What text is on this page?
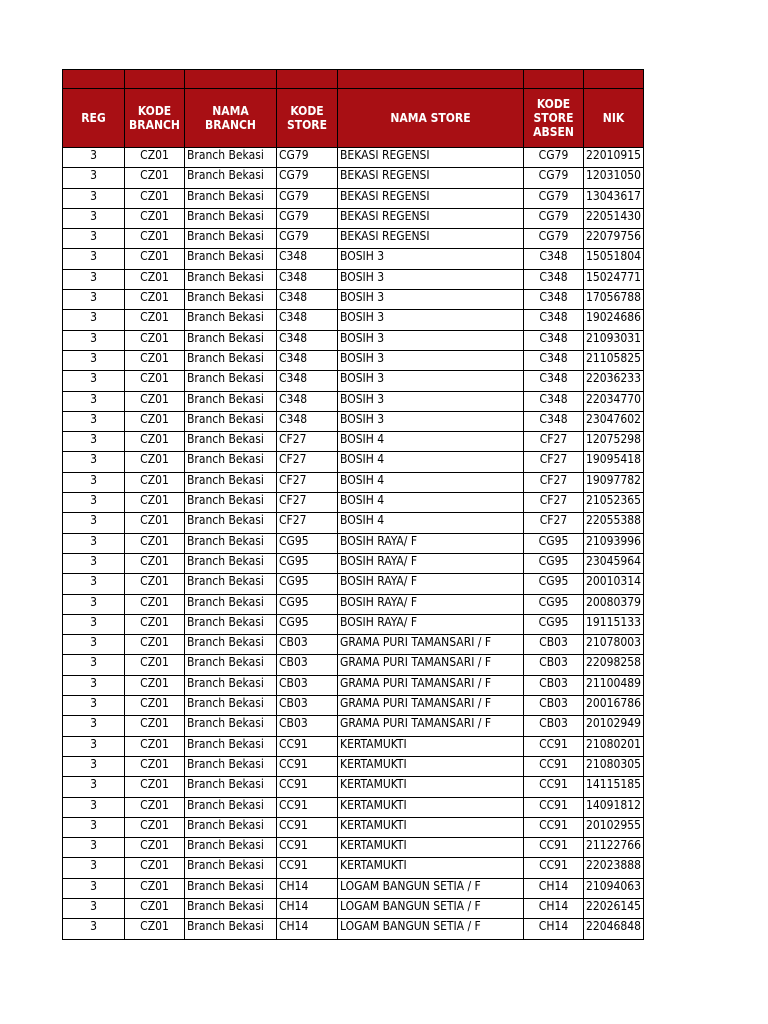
REG	KODE BRANCH	NAMA BRANCH	KODE STORE	NAMA STORE	KODE STORE ABSEN	NIK
3	CZ01	Branch Bekasi	CG79	BEKASI REGENSI	CG79	22010915
3	CZ01	Branch Bekasi	CG79	BEKASI REGENSI	CG79	12031050
3	CZ01	Branch Bekasi	CG79	BEKASI REGENSI	CG79	13043617
3	CZ01	Branch Bekasi	CG79	BEKASI REGENSI	CG79	22051430
3	CZ01	Branch Bekasi	CG79	BEKASI REGENSI	CG79	22079756
3	CZ01	Branch Bekasi	C348	BOSIH 3	C348	15051804
3	CZ01	Branch Bekasi	C348	BOSIH 3	C348	15024771
3	CZ01	Branch Bekasi	C348	BOSIH 3	C348	17056788
3	CZ01	Branch Bekasi	C348	BOSIH 3	C348	19024686
3	CZ01	Branch Bekasi	C348	BOSIH 3	C348	21093031
3	CZ01	Branch Bekasi	C348	BOSIH 3	C348	21105825
3	CZ01	Branch Bekasi	C348	BOSIH 3	C348	22036233
3	CZ01	Branch Bekasi	C348	BOSIH 3	C348	22034770
3	CZ01	Branch Bekasi	C348	BOSIH 3	C348	23047602
3	CZ01	Branch Bekasi	CF27	BOSIH 4	CF27	12075298
3	CZ01	Branch Bekasi	CF27	BOSIH 4	CF27	19095418
3	CZ01	Branch Bekasi	CF27	BOSIH 4	CF27	19097782
3	CZ01	Branch Bekasi	CF27	BOSIH 4	CF27	21052365
3	CZ01	Branch Bekasi	CF27	BOSIH 4	CF27	22055388
3	CZ01	Branch Bekasi	CG95	BOSIH RAYA/ F	CG95	21093996
3	CZ01	Branch Bekasi	CG95	BOSIH RAYA/ F	CG95	23045964
3	CZ01	Branch Bekasi	CG95	BOSIH RAYA/ F	CG95	20010314
3	CZ01	Branch Bekasi	CG95	BOSIH RAYA/ F	CG95	20080379
3	CZ01	Branch Bekasi	CG95	BOSIH RAYA/ F	CG95	19115133
3	CZ01	Branch Bekasi	CB03	GRAMA PURI TAMANSARI / F	CB03	21078003
3	CZ01	Branch Bekasi	CB03	GRAMA PURI TAMANSARI / F	CB03	22098258
3	CZ01	Branch Bekasi	CB03	GRAMA PURI TAMANSARI / F	CB03	21100489
3	CZ01	Branch Bekasi	CB03	GRAMA PURI TAMANSARI / F	CB03	20016786
3	CZ01	Branch Bekasi	CB03	GRAMA PURI TAMANSARI / F	CB03	20102949
3	CZ01	Branch Bekasi	CC91	KERTAMUKTI	CC91	21080201
3	CZ01	Branch Bekasi	CC91	KERTAMUKTI	CC91	21080305
3	CZ01	Branch Bekasi	CC91	KERTAMUKTI	CC91	14115185
3	CZ01	Branch Bekasi	CC91	KERTAMUKTI	CC91	14091812
3	CZ01	Branch Bekasi	CC91	KERTAMUKTI	CC91	20102955
3	CZ01	Branch Bekasi	CC91	KERTAMUKTI	CC91	21122766
3	CZ01	Branch Bekasi	CC91	KERTAMUKTI	CC91	22023888
3	CZ01	Branch Bekasi	CH14	LOGAM BANGUN SETIA / F	CH14	21094063
3	CZ01	Branch Bekasi	CH14	LOGAM BANGUN SETIA / F	CH14	22026145
3	CZ01	Branch Bekasi	CH14	LOGAM BANGUN SETIA / F	CH14	22046848
